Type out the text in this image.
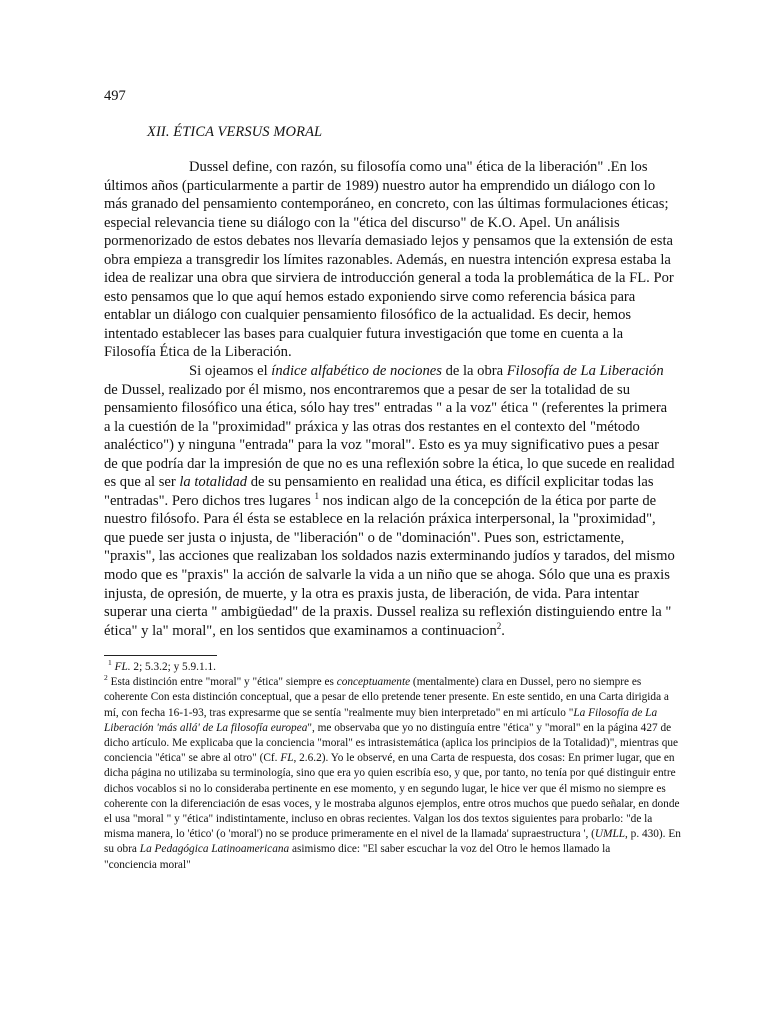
497
XII. ÉTICA VERSUS MORAL

Dussel define, con razón, su filosofía como una" ética de la liberación" .En los últimos años (particularmente a partir de 1989) nuestro autor ha emprendido un diálogo con lo más granado del pensamiento contemporáneo, en concreto, con las últimas formulaciones éticas; especial relevancia tiene su diálogo con la "ética del discurso" de K.O. Apel. Un análisis pormenorizado de estos debates nos llevaría demasiado lejos y pensamos que la extensión de esta obra empieza a transgredir los límites razonables. Además, en nuestra intención expresa estaba la idea de realizar una obra que sirviera de introducción general a toda la problemática de la FL. Por esto pensamos que lo que aquí hemos estado exponiendo sirve como referencia básica para entablar un diálogo con cualquier pensamiento filosófico de la actualidad. Es decir, hemos intentado establecer las bases para cualquier futura investigación que tome en cuenta a la Filosofía Ética de la Liberación.

Si ojeamos el índice alfabético de nociones de la obra Filosofía de La Liberación de Dussel, realizado por él mismo, nos encontraremos que a pesar de ser la totalidad de su pensamiento filosófico una ética, sólo hay tres" entradas " a la voz" ética " (referentes la primera a la cuestión de la "proximidad" práxica y las otras dos restantes en el contexto del "método analéctico") y ninguna "entrada" para la voz "moral". Esto es ya muy significativo pues a pesar de que podría dar la impresión de que no es una reflexión sobre la ética, lo que sucede en realidad es que al ser la totalidad de su pensamiento en realidad una ética, es difícil explicitar todas las "entradas". Pero dichos tres lugares $^1$ nos indican algo de la concepción de la ética por parte de nuestro filósofo. Para él ésta se establece en la relación práxica interpersonal, la "proximidad", que puede ser justa o injusta, de "liberación" o de "dominación". Pues son, estrictamente, "praxis", las acciones que realizaban los soldados nazis exterminando judíos y tarados, del mismo modo que es "praxis" la acción de salvarle la vida a un niño que se ahoga. Sólo que una es praxis injusta, de opresión, de muerte, y la otra es praxis justa, de liberación, de vida. Para intentar superar una cierta " ambigüedad" de la praxis. Dussel realiza su reflexión distinguiendo entre la " ética" y la" moral", en los sentidos que examinamos a continuacion$^2$.

$^1$ FL. 2; 5.3.2; y 5.9.1.1.

$^2$ Esta distinción entre "moral" y "ética" siempre es conceptuamente (mentalmente) clara en Dussel, pero no siempre es coherente Con esta distinción conceptual, que a pesar de ello pretende tener presente. En este sentido, en una Carta dirigida a mí, con fecha 16-1-93, tras expresarme que se sentía "realmente muy bien interpretado" en mi artículo "La Filosofía de La Liberación 'más allá' de La filosofía europea", me observaba que yo no distinguía entre "ética" y "moral" en la página 427 de dicho artículo. Me explicaba que la conciencia "moral" es intrasistemática (aplica los principios de la Totalidad)", mientras que conciencia "ética" se abre al otro" (Cf. FL, 2.6.2). Yo le observé, en una Carta de respuesta, dos cosas: En primer lugar, que en dicha página no utilizaba su terminología, sino que era yo quien escribía eso, y que, por tanto, no tenía por qué distinguir entre dichos vocablos si no lo consideraba pertinente en ese momento, y en segundo lugar, le hice ver que él mismo no siempre es coherente con la diferenciación de esas voces, y le mostraba algunos ejemplos, entre otros muchos que puedo señalar, en donde el usa "moral " y "ética" indistintamente, incluso en obras recientes. Valgan los dos textos siguientes para probarlo: "de la misma manera, lo 'ético' (o 'moral') no se produce primeramente en el nivel de la llamada' supraestructura ', (UMLL, p. 430). En su obra La Pedagógica Latinoamericana asimismo dice: "El saber escuchar la voz del Otro le hemos llamado la

"conciencia moral"
